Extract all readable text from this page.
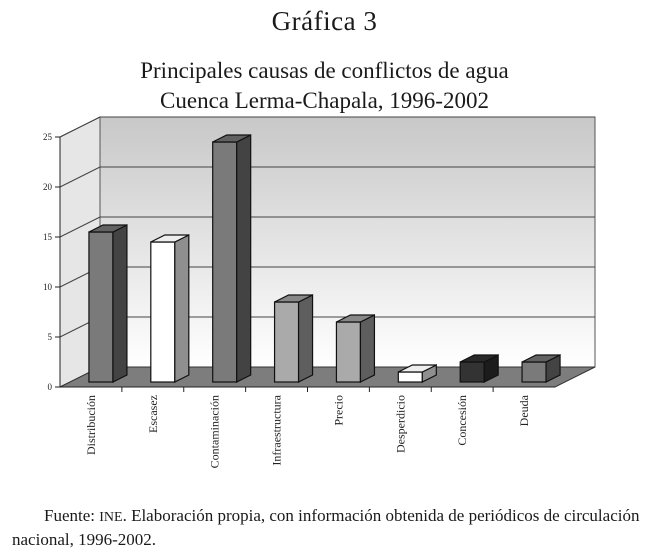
Gráfica 3
Principales causas de conflictos de agua
Cuenca Lerma-Chapala, 1996-2002
0
5
10
15
20
25
Distribución	Escasez	Contaminación	Infraestructura	Precio	Desperdicio	Concesión	Deuda

Fuente: INE. Elaboración propia, con información obtenida de periódicos de circulación nacional, 1996-2002.
